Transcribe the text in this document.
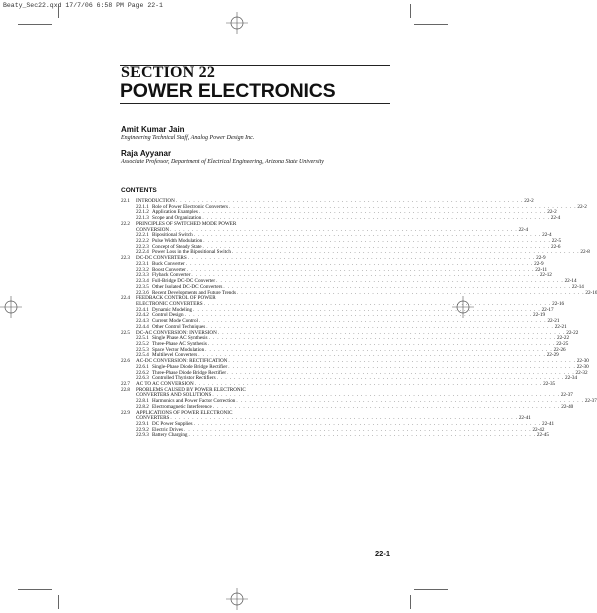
Beaty_Sec22.qxd 17/7/06 6:58 PM Page 22-1
SECTION 22
POWER ELECTRONICS
Amit Kumar Jain
Engineering Technical Staff, Analog Power Design Inc.
Raja Ayyanar
Associate Professor, Department of Electrical Engineering, Arizona State University
CONTENTS
22.1	INTRODUCTION . . . . . . . . . . . . . . . . . . . . . . . . . . . . . . . . . . . . . . . . . . . . . . . . . . . . . . . . . . . . . . . . . . . . . . . . . . . . . . . . 22-2
22.1.1 Role of Power Electronic Converters . . . . . . . . . . . . . . . . . . . . . . . . . . . . . . . . . . . . . . . . . . . . . . . . . . . . . . . . . . . . . . . . . . . . . . . . . . . . . . . . 22-2
22.1.2 Application Examples . . . . . . . . . . . . . . . . . . . . . . . . . . . . . . . . . . . . . . . . . . . . . . . . . . . . . . . . . . . . . . . . . . . . . . . . . . . . . . . . 22-2
22.1.3 Scope and Organization . . . . . . . . . . . . . . . . . . . . . . . . . . . . . . . . . . . . . . . . . . . . . . . . . . . . . . . . . . . . . . . . . . . . . . . . . . . . . . . . 22-4
22.2	PRINCIPLES OF SWITCHED MODE POWER
CONVERSION . . . . . . . . . . . . . . . . . . . . . . . . . . . . . . . . . . . . . . . . . . . . . . . . . . . . . . . . . . . . . . . . . . . . . . . . . . . . . . . . 22-4
22.2.1 Bipositional Switch . . . . . . . . . . . . . . . . . . . . . . . . . . . . . . . . . . . . . . . . . . . . . . . . . . . . . . . . . . . . . . . . . . . . . . . . . . . . . . . . 22-4
22.2.2 Pulse Width Modulation . . . . . . . . . . . . . . . . . . . . . . . . . . . . . . . . . . . . . . . . . . . . . . . . . . . . . . . . . . . . . . . . . . . . . . . . . . . . . . . . 22-5
22.2.3 Concept of Steady State . . . . . . . . . . . . . . . . . . . . . . . . . . . . . . . . . . . . . . . . . . . . . . . . . . . . . . . . . . . . . . . . . . . . . . . . . . . . . . . . 22-6
22.2.4 Power Loss in the Bipositional Switch . . . . . . . . . . . . . . . . . . . . . . . . . . . . . . . . . . . . . . . . . . . . . . . . . . . . . . . . . . . . . . . . . . . . . . . . . . . . . . . . 22-8
22.3	DC-DC CONVERTERS . . . . . . . . . . . . . . . . . . . . . . . . . . . . . . . . . . . . . . . . . . . . . . . . . . . . . . . . . . . . . . . . . . . . . . . . . . . . . . . . 22-9
22.3.1 Buck Converter . . . . . . . . . . . . . . . . . . . . . . . . . . . . . . . . . . . . . . . . . . . . . . . . . . . . . . . . . . . . . . . . . . . . . . . . . . . . . . . . 22-9
22.3.2 Boost Converter . . . . . . . . . . . . . . . . . . . . . . . . . . . . . . . . . . . . . . . . . . . . . . . . . . . . . . . . . . . . . . . . . . . . . . . . . . . . . . . . 22-11
22.3.3 Flyback Converter . . . . . . . . . . . . . . . . . . . . . . . . . . . . . . . . . . . . . . . . . . . . . . . . . . . . . . . . . . . . . . . . . . . . . . . . . . . . . . . . 22-12
22.3.4 Full-Bridge DC-DC Converter . . . . . . . . . . . . . . . . . . . . . . . . . . . . . . . . . . . . . . . . . . . . . . . . . . . . . . . . . . . . . . . . . . . . . . . . . . . . . . . . 22-14
22.3.5 Other Isolated DC-DC Converters . . . . . . . . . . . . . . . . . . . . . . . . . . . . . . . . . . . . . . . . . . . . . . . . . . . . . . . . . . . . . . . . . . . . . . . . . . . . . . . . 22-14
22.3.6 Recent Developments and Future Trends . . . . . . . . . . . . . . . . . . . . . . . . . . . . . . . . . . . . . . . . . . . . . . . . . . . . . . . . . . . . . . . . . . . . . . . . . . . . . . . . 22-16
22.4	FEEDBACK CONTROL OF POWER
ELECTRONIC CONVERTERS . . . . . . . . . . . . . . . . . . . . . . . . . . . . . . . . . . . . . . . . . . . . . . . . . . . . . . . . . . . . . . . . . . . . . . . . . . . . . . . . 22-16
22.4.1 Dynamic Modeling . . . . . . . . . . . . . . . . . . . . . . . . . . . . . . . . . . . . . . . . . . . . . . . . . . . . . . . . . . . . . . . . . . . . . . . . . . . . . . . . 22-17
22.4.2 Control Design . . . . . . . . . . . . . . . . . . . . . . . . . . . . . . . . . . . . . . . . . . . . . . . . . . . . . . . . . . . . . . . . . . . . . . . . . . . . . . . . 22-19
22.4.3 Current Mode Control . . . . . . . . . . . . . . . . . . . . . . . . . . . . . . . . . . . . . . . . . . . . . . . . . . . . . . . . . . . . . . . . . . . . . . . . . . . . . . . . 22-21
22.4.4 Other Control Techniques . . . . . . . . . . . . . . . . . . . . . . . . . . . . . . . . . . . . . . . . . . . . . . . . . . . . . . . . . . . . . . . . . . . . . . . . . . . . . . . . 22-21
22.5	DC-AC CONVERSION: INVERSION . . . . . . . . . . . . . . . . . . . . . . . . . . . . . . . . . . . . . . . . . . . . . . . . . . . . . . . . . . . . . . . . . . . . . . . . . . . . . . . . 22-22
22.5.1 Single Phase AC Synthesis . . . . . . . . . . . . . . . . . . . . . . . . . . . . . . . . . . . . . . . . . . . . . . . . . . . . . . . . . . . . . . . . . . . . . . . . . . . . . . . . 22-22
22.5.2 Three-Phase AC Synthesis . . . . . . . . . . . . . . . . . . . . . . . . . . . . . . . . . . . . . . . . . . . . . . . . . . . . . . . . . . . . . . . . . . . . . . . . . . . . . . . . 22-25
22.5.3 Space Vector Modulation . . . . . . . . . . . . . . . . . . . . . . . . . . . . . . . . . . . . . . . . . . . . . . . . . . . . . . . . . . . . . . . . . . . . . . . . . . . . . . . . 22-26
22.5.4 Multilevel Converters . . . . . . . . . . . . . . . . . . . . . . . . . . . . . . . . . . . . . . . . . . . . . . . . . . . . . . . . . . . . . . . . . . . . . . . . . . . . . . . . 22-29
22.6	AC-DC CONVERSION: RECTIFICATION . . . . . . . . . . . . . . . . . . . . . . . . . . . . . . . . . . . . . . . . . . . . . . . . . . . . . . . . . . . . . . . . . . . . . . . . . . . . . . . . 22-30
22.6.1 Single-Phase Diode Bridge Rectifier . . . . . . . . . . . . . . . . . . . . . . . . . . . . . . . . . . . . . . . . . . . . . . . . . . . . . . . . . . . . . . . . . . . . . . . . . . . . . . . . 22-30
22.6.2 Three-Phase Diode Bridge Rectifier . . . . . . . . . . . . . . . . . . . . . . . . . . . . . . . . . . . . . . . . . . . . . . . . . . . . . . . . . . . . . . . . . . . . . . . . . . . . . . . . 22-32
22.6.3 Controlled Thyristor Rectifiers . . . . . . . . . . . . . . . . . . . . . . . . . . . . . . . . . . . . . . . . . . . . . . . . . . . . . . . . . . . . . . . . . . . . . . . . . . . . . . . . 22-34
22.7	AC TO AC CONVERSION . . . . . . . . . . . . . . . . . . . . . . . . . . . . . . . . . . . . . . . . . . . . . . . . . . . . . . . . . . . . . . . . . . . . . . . . . . . . . . . . 22-35
22.8	PROBLEMS CAUSED BY POWER ELECTRONIC
CONVERTERS AND SOLUTIONS . . . . . . . . . . . . . . . . . . . . . . . . . . . . . . . . . . . . . . . . . . . . . . . . . . . . . . . . . . . . . . . . . . . . . . . . . . . . . . . . 22-37
22.8.1 Harmonics and Power Factor Correction . . . . . . . . . . . . . . . . . . . . . . . . . . . . . . . . . . . . . . . . . . . . . . . . . . . . . . . . . . . . . . . . . . . . . . . . . . . . . . . . 22-37
22.8.2 Electromagnetic Interference . . . . . . . . . . . . . . . . . . . . . . . . . . . . . . . . . . . . . . . . . . . . . . . . . . . . . . . . . . . . . . . . . . . . . . . . . . . . . . . . 22-40
22.9	APPLICATIONS OF POWER ELECTRONIC
CONVERTERS . . . . . . . . . . . . . . . . . . . . . . . . . . . . . . . . . . . . . . . . . . . . . . . . . . . . . . . . . . . . . . . . . . . . . . . . . . . . . . . . 22-41
22.9.1 DC Power Supplies . . . . . . . . . . . . . . . . . . . . . . . . . . . . . . . . . . . . . . . . . . . . . . . . . . . . . . . . . . . . . . . . . . . . . . . . . . . . . . . . 22-41
22.9.2 Electric Drives . . . . . . . . . . . . . . . . . . . . . . . . . . . . . . . . . . . . . . . . . . . . . . . . . . . . . . . . . . . . . . . . . . . . . . . . . . . . . . . . 22-42
22.9.3 Battery Charging . . . . . . . . . . . . . . . . . . . . . . . . . . . . . . . . . . . . . . . . . . . . . . . . . . . . . . . . . . . . . . . . . . . . . . . . . . . . . . . . 22-45
22-1
